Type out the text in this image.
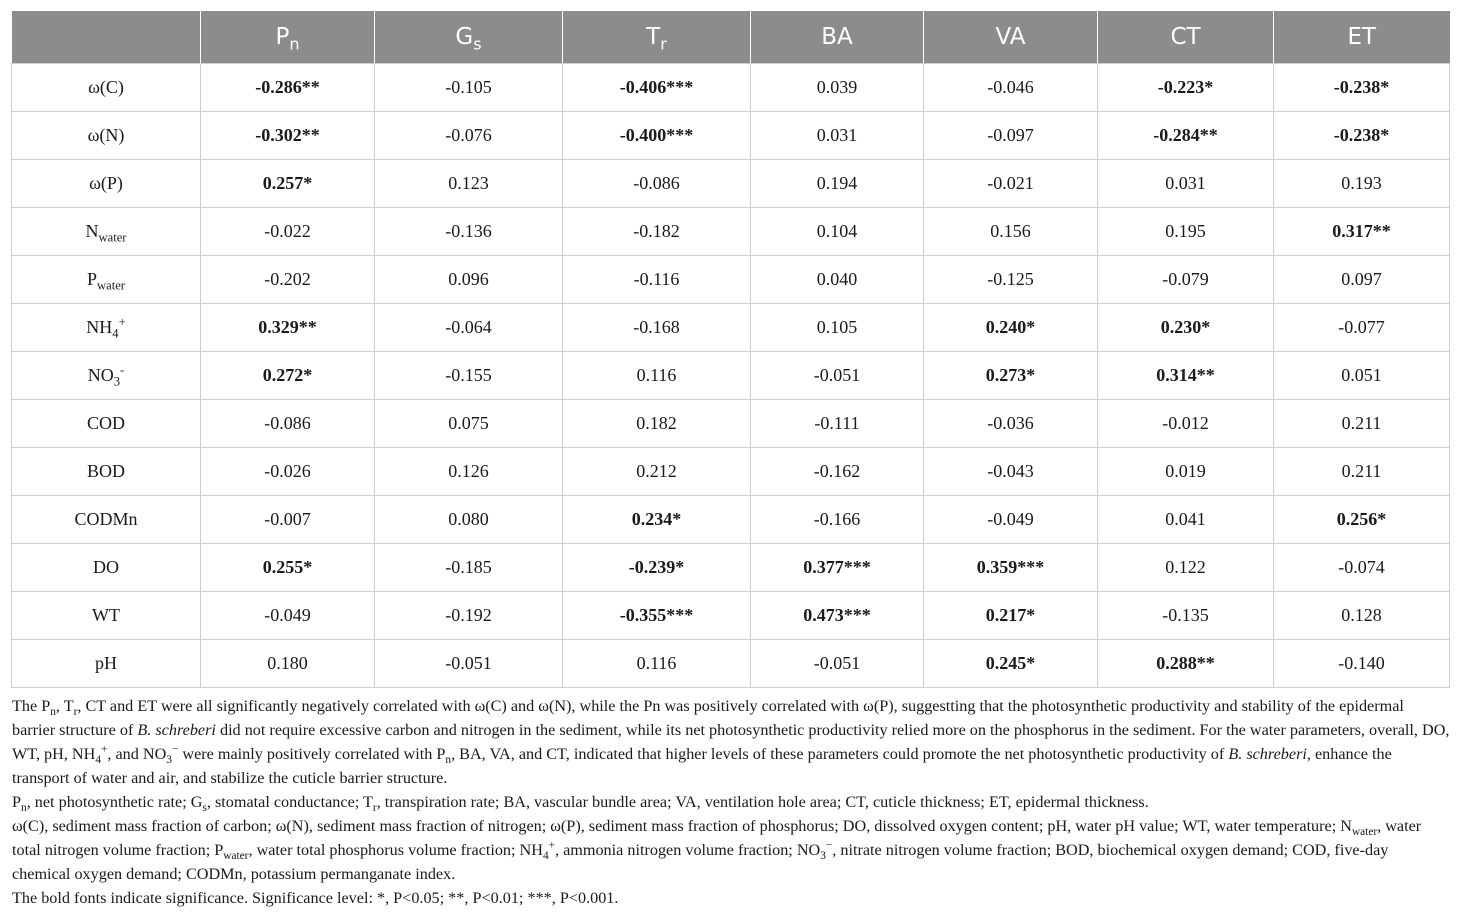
	$P_n$	$G_s$	$T_r$	BA	VA	CT	ET
ω(C)	-0.286**	-0.105	-0.406***	0.039	-0.046	-0.223*	-0.238*
ω(N)	-0.302**	-0.076	-0.400***	0.031	-0.097	-0.284**	-0.238*
ω(P)	0.257*	0.123	-0.086	0.194	-0.021	0.031	0.193
$N_{water}$	-0.022	-0.136	-0.182	0.104	0.156	0.195	0.317**
$P_{water}$	-0.202	0.096	-0.116	0.040	-0.125	-0.079	0.097
$NH_4^+$	0.329**	-0.064	-0.168	0.105	0.240*	0.230*	-0.077
$NO_3^-$	0.272*	-0.155	0.116	-0.051	0.273*	0.314**	0.051
COD	-0.086	0.075	0.182	-0.111	-0.036	-0.012	0.211
BOD	-0.026	0.126	0.212	-0.162	-0.043	0.019	0.211
CODMn	-0.007	0.080	0.234*	-0.166	-0.049	0.041	0.256*
DO	0.255*	-0.185	-0.239*	0.377***	0.359***	0.122	-0.074
WT	-0.049	-0.192	-0.355***	0.473***	0.217*	-0.135	0.128
pH	0.180	-0.051	0.116	-0.051	0.245*	0.288**	-0.140

The $P_n$, $T_r$, CT and ET were all significantly negatively correlated with ω(C) and ω(N), while the Pn was positively correlated with ω(P), suggestting that the photosynthetic productivity and stability of the epidermal barrier structure of B. schreberi did not require excessive carbon and nitrogen in the sediment, while its net photosynthetic productivity relied more on the phosphorus in the sediment. For the water parameters, overall, DO, WT, pH, $NH_4^+$, and $NO_3^-$ were mainly positively correlated with $P_n$, BA, VA, and CT, indicated that higher levels of these parameters could promote the net photosynthetic productivity of B. schreberi, enhance the transport of water and air, and stabilize the cuticle barrier structure.

$P_n$, net photosynthetic rate; $G_s$, stomatal conductance; $T_r$, transpiration rate; BA, vascular bundle area; VA, ventilation hole area; CT, cuticle thickness; ET, epidermal thickness.

ω(C), sediment mass fraction of carbon; ω(N), sediment mass fraction of nitrogen; ω(P), sediment mass fraction of phosphorus; DO, dissolved oxygen content; pH, water pH value; WT, water temperature; $N_{water}$, water total nitrogen volume fraction; $P_{water}$, water total phosphorus volume fraction; $NH_4^+$, ammonia nitrogen volume fraction; $NO_3^-$, nitrate nitrogen volume fraction; BOD, biochemical oxygen demand; COD, five-day chemical oxygen demand; CODMn, potassium permanganate index.

The bold fonts indicate significance. Significance level: *, P<0.05; **, P<0.01; ***, P<0.001.
